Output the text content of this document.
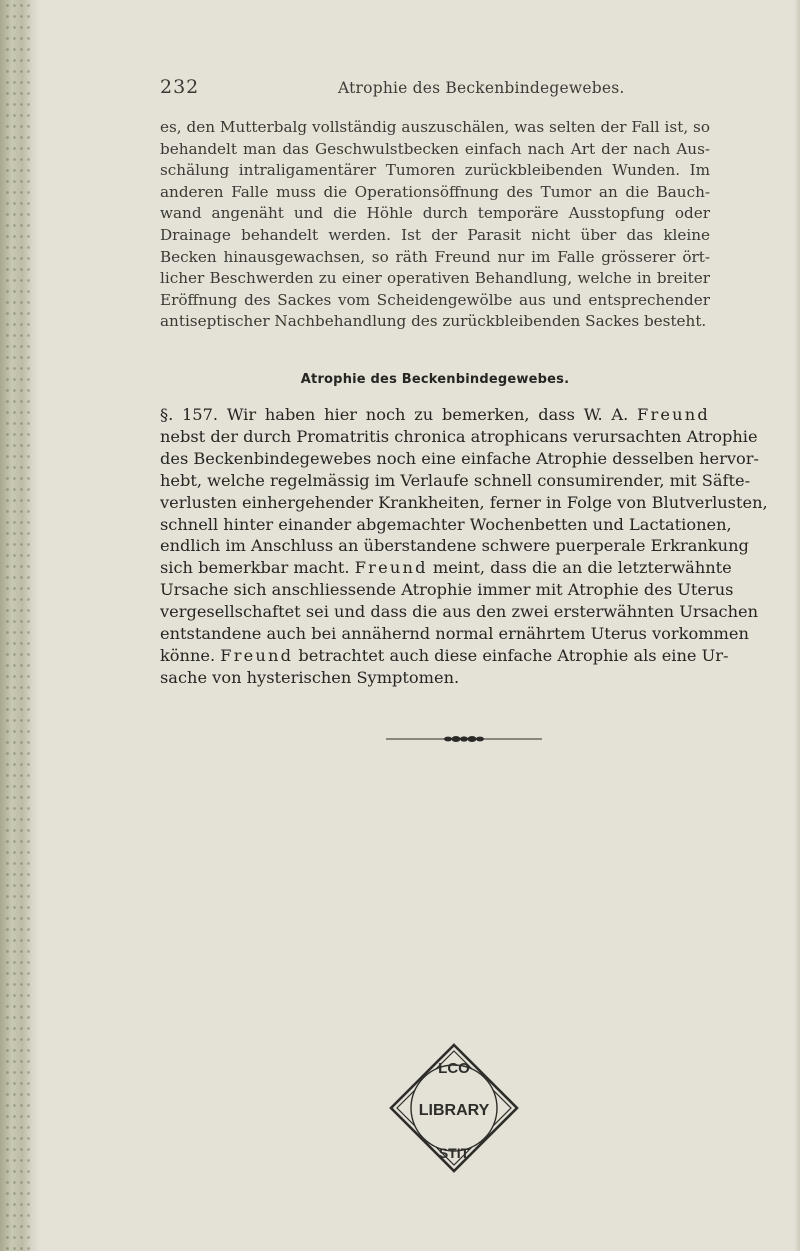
232	Atrophie des Beckenbindegewebes.
es, den Mutterbalg vollständig auszuschälen, was selten der Fall ist, so
behandelt man das Geschwulstbecken einfach nach Art der nach Aus-
schälung intraligamentärer Tumoren zurückbleibenden Wunden. Im
anderen Falle muss die Operationsöffnung des Tumor an die Bauch-
wand angenäht und die Höhle durch temporäre Ausstopfung oder
Drainage behandelt werden. Ist der Parasit nicht über das kleine
Becken hinausgewachsen, so räth Freund nur im Falle grösserer ört-
licher Beschwerden zu einer operativen Behandlung, welche in breiter
Eröffnung des Sackes vom Scheidengewölbe aus und entsprechender
antiseptischer Nachbehandlung des zurückbleibenden Sackes besteht.
Atrophie des Beckenbindegewebes.
§. 157. Wir haben hier noch zu bemerken, dass W. A. Freund
nebst der durch Promatritis chronica atrophicans verursachten Atrophie
des Beckenbindegewebes noch eine einfache Atrophie desselben hervor-
hebt, welche regelmässig im Verlaufe schnell consumirender, mit Säfte-
verlusten einhergehender Krankheiten, ferner in Folge von Blutverlusten,
schnell hinter einander abgemachter Wochenbetten und Lactationen,
endlich im Anschluss an überstandene schwere puerperale Erkrankung
sich bemerkbar macht. Freund meint, dass die an die letzterwähnte
Ursache sich anschliessende Atrophie immer mit Atrophie des Uterus
vergesellschaftet sei und dass die aus den zwei ersterwähnten Ursachen
entstandene auch bei annähernd normal ernährtem Uterus vorkommen
könne. Freund betrachtet auch diese einfache Atrophie als eine Ur-
sache von hysterischen Symptomen.
LCO
LIBRARY
STIT
